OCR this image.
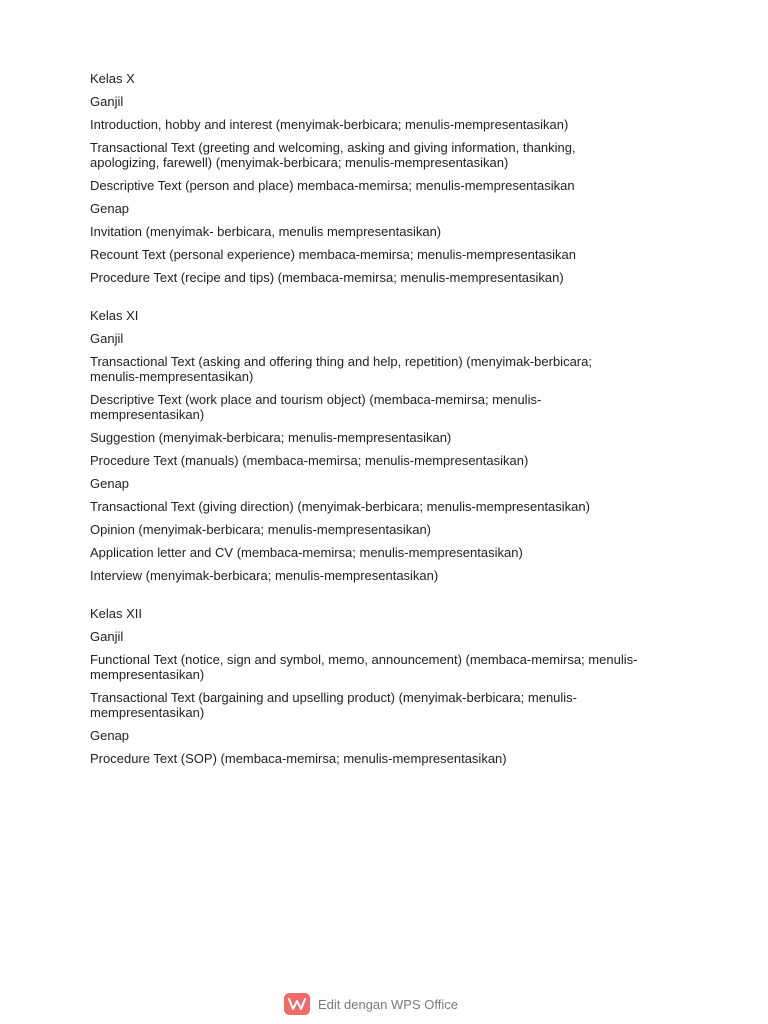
Kelas X

Ganjil

Introduction, hobby and interest (menyimak-berbicara; menulis-mempresentasikan)

Transactional Text (greeting and welcoming, asking and giving information, thanking,
apologizing, farewell) (menyimak-berbicara; menulis-mempresentasikan)

Descriptive Text (person and place) membaca-memirsa; menulis-mempresentasikan

Genap

Invitation (menyimak- berbicara, menulis mempresentasikan)

Recount Text (personal experience) membaca-memirsa; menulis-mempresentasikan

Procedure Text (recipe and tips) (membaca-memirsa; menulis-mempresentasikan)

Kelas XI

Ganjil

Transactional Text (asking and offering thing and help, repetition) (menyimak-berbicara;
menulis-mempresentasikan)

Descriptive Text (work place and tourism object) (membaca-memirsa; menulis-
mempresentasikan)

Suggestion (menyimak-berbicara; menulis-mempresentasikan)

Procedure Text (manuals) (membaca-memirsa; menulis-mempresentasikan)

Genap

Transactional Text (giving direction) (menyimak-berbicara; menulis-mempresentasikan)

Opinion (menyimak-berbicara; menulis-mempresentasikan)

Application letter and CV (membaca-memirsa; menulis-mempresentasikan)

Interview (menyimak-berbicara; menulis-mempresentasikan)

Kelas XII

Ganjil

Functional Text (notice, sign and symbol, memo, announcement) (membaca-memirsa; menulis-
mempresentasikan)

Transactional Text (bargaining and upselling product) (menyimak-berbicara; menulis-
mempresentasikan)

Genap

Procedure Text (SOP) (membaca-memirsa; menulis-mempresentasikan)

Edit dengan WPS Office
